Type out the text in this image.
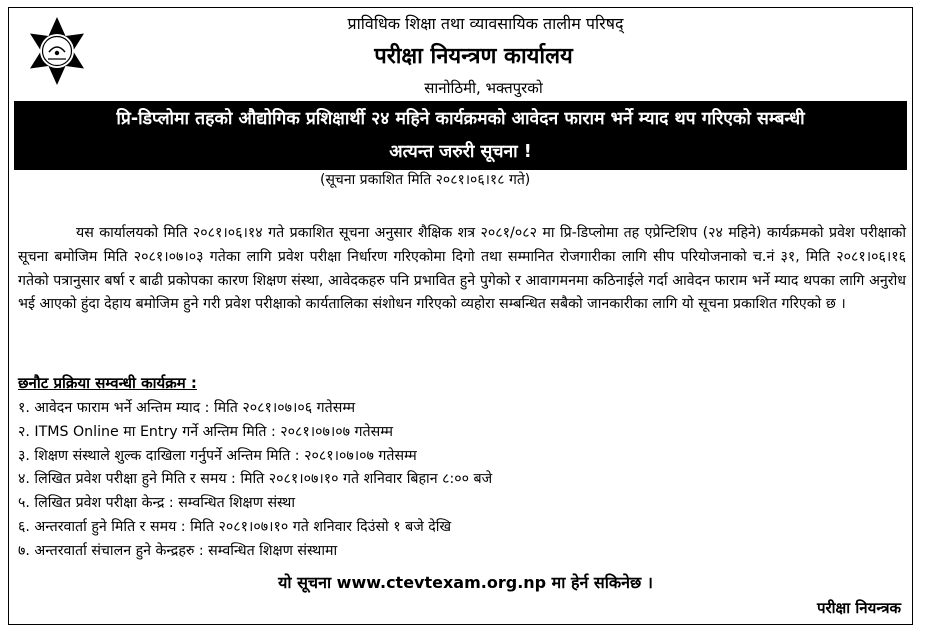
प्राविधिक शिक्षा तथा व्यावसायिक तालीम परिषद्
परीक्षा नियन्त्रण कार्यालय
सानोठिमी, भक्तपुरको
प्रि-डिप्लोमा तहको औद्योगिक प्रशिक्षार्थी २४ महिने कार्यक्रमको आवेदन फाराम भर्ने म्याद थप गरिएको सम्बन्धी
अत्यन्त जरुरी सूचना !
(सूचना प्रकाशित मिति २०८१।०६।१८ गते)
यस कार्यालयको मिति २०८१।०६।१४ गते प्रकाशित सूचना अनुसार शैक्षिक शत्र २०८१/०८२ मा प्रि-डिप्लोमा तह एप्रेन्टिशिप (२४ महिने) कार्यक्रमको प्रवेश परीक्षाको सूचना बमोजिम मिति २०८१।०७।०३ गतेका लागि प्रवेश परीक्षा निर्धारण गरिएकोमा दिगो तथा सम्मानित रोजगारीका लागि सीप परियोजनाको च.नं ३१, मिति २०८१।०६।१६ गतेको पत्रानुसार बर्षा र बाढी प्रकोपका कारण शिक्षण संस्था, आवेदकहरु पनि प्रभावित हुने पुगेको र आवागमनमा कठिनाईले गर्दा आवेदन फाराम भर्ने म्याद थपका लागि अनुरोध भई आएको हुंदा देहाय बमोजिम हुने गरी प्रवेश परीक्षाको कार्यतालिका संशोधन गरिएको व्यहोरा सम्बन्धित सबैको जानकारीका लागि यो सूचना प्रकाशित गरिएको छ ।
छनौट प्रक्रिया सम्वन्धी कार्यक्रम :
१. आवेदन फाराम भर्ने अन्तिम म्याद : मिति २०८१।०७।०६ गतेसम्म
२. ITMS Online मा Entry गर्ने अन्तिम मिति : २०८१।०७।०७ गतेसम्म
३. शिक्षण संस्थाले शुल्क दाखिला गर्नुपर्ने अन्तिम मिति : २०८१।०७।०७ गतेसम्म
४. लिखित प्रवेश परीक्षा हुने मिति र समय : मिति २०८१।०७।१० गते शनिवार बिहान ८:०० बजे
५. लिखित प्रवेश परीक्षा केन्द्र : सम्वन्धित शिक्षण संस्था
६. अन्तरवार्ता हुने मिति र समय : मिति २०८१।०७।१० गते शनिवार दिउंसो १ बजे देखि
७. अन्तरवार्ता संचालन हुने केन्द्रहरु : सम्वन्धित शिक्षण संस्थामा
यो सूचना www.ctevtexam.org.np मा हेर्न सकिनेछ ।
परीक्षा नियन्त्रक
